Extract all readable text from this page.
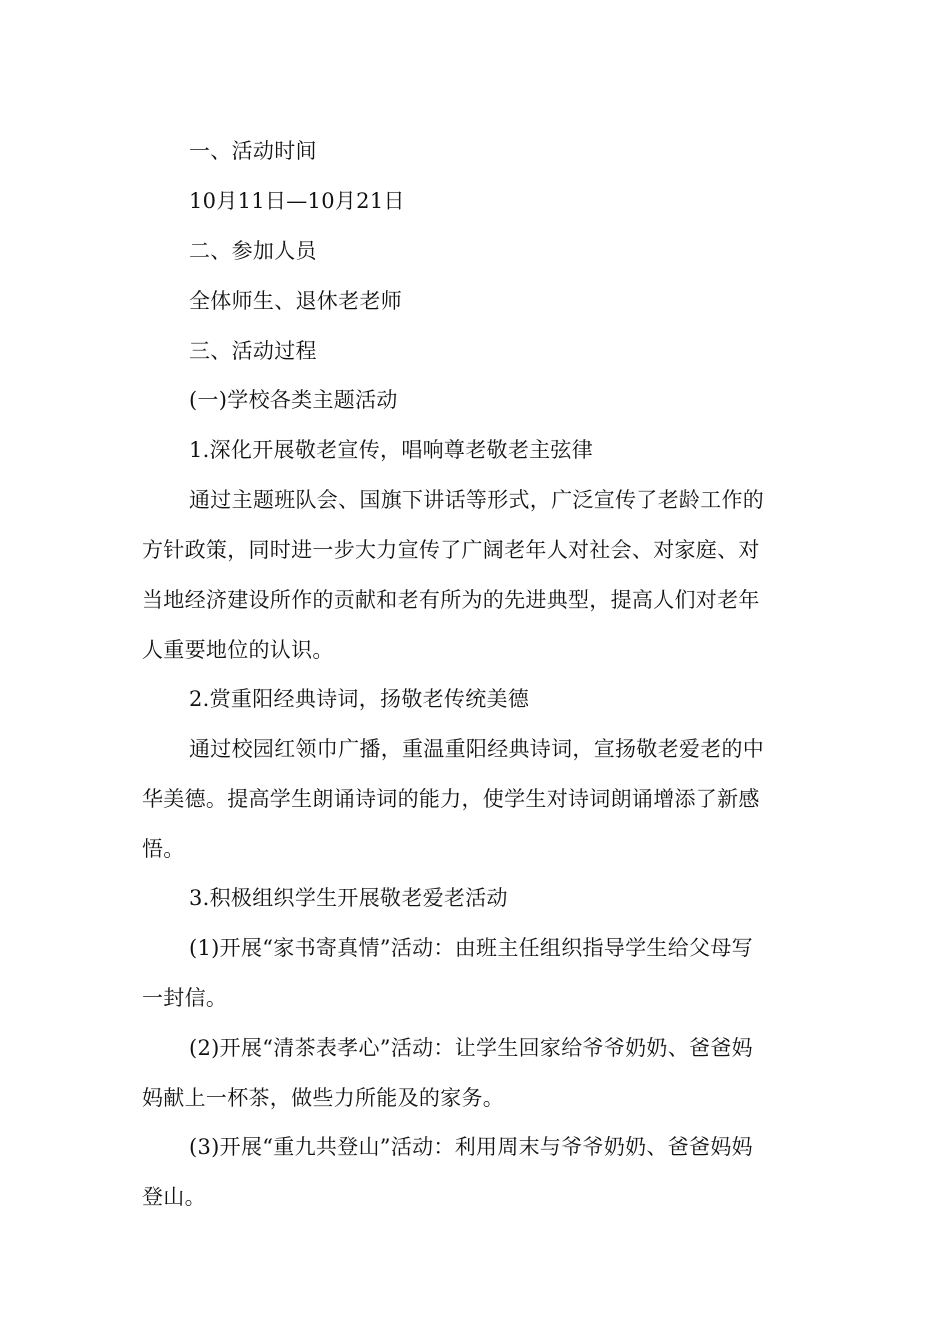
一、活动时间
10月11日—10月21日
二、参加人员
全体师生、退休老老师
三、活动过程
(一)学校各类主题活动
1.深化开展敬老宣传，唱响尊老敬老主弦律
通过主题班队会、国旗下讲话等形式，广泛宣传了老龄工作的
方针政策，同时进一步大力宣传了广阔老年人对社会、对家庭、对
当地经济建设所作的贡献和老有所为的先进典型，提高人们对老年
人重要地位的认识。
2.赏重阳经典诗词，扬敬老传统美德
通过校园红领巾广播，重温重阳经典诗词，宣扬敬老爱老的中
华美德。提高学生朗诵诗词的能力，使学生对诗词朗诵增添了新感
悟。
3.积极组织学生开展敬老爱老活动
(1)开展“家书寄真情”活动：由班主任组织指导学生给父母写
一封信。
(2)开展“清茶表孝心”活动：让学生回家给爷爷奶奶、爸爸妈
妈献上一杯茶，做些力所能及的家务。
(3)开展“重九共登山”活动：利用周末与爷爷奶奶、爸爸妈妈
登山。
